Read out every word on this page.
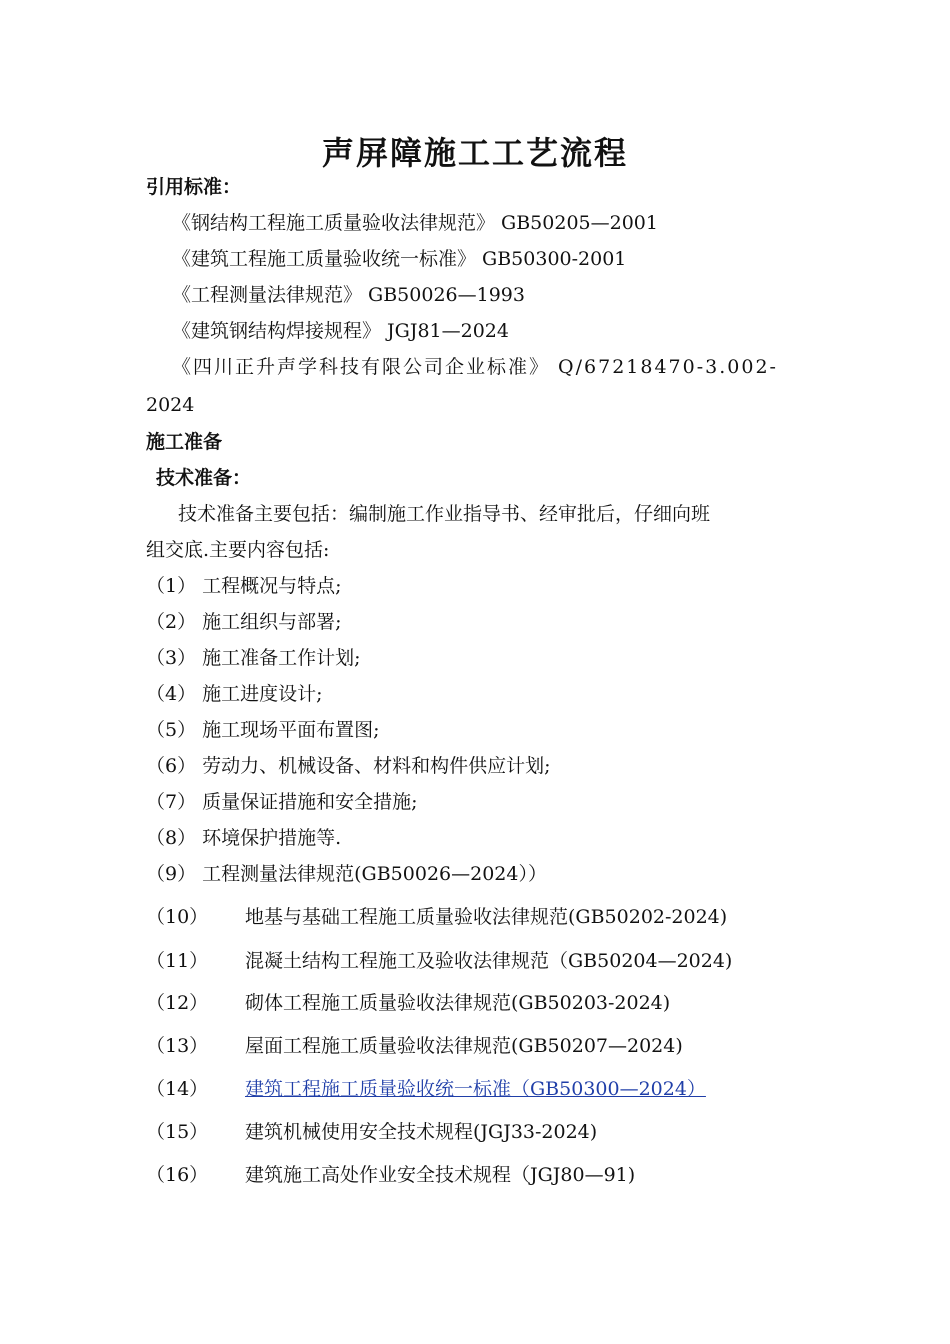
声屏障施工工艺流程
引用标准：
《钢结构工程施工质量验收法律规范》 GB50205—2001
《建筑工程施工质量验收统一标准》 GB50300-2001
《工程测量法律规范》 GB50026—1993
《建筑钢结构焊接规程》 JGJ81—2024
《四川正升声学科技有限公司企业标准》 Q/67218470-3.002-
2024
施工准备
技术准备：
技术准备主要包括：编制施工作业指导书、经审批后，仔细向班
组交底.主要内容包括:
（1） 工程概况与特点;
（2） 施工组织与部署;
（3） 施工准备工作计划;
（4） 施工进度设计;
（5） 施工现场平面布置图;
（6） 劳动力、机械设备、材料和构件供应计划;
（7） 质量保证措施和安全措施;
（8） 环境保护措施等.
（9） 工程测量法律规范(GB50026—2024））
（10） 地基与基础工程施工质量验收法律规范(GB50202-2024)
（11） 混凝土结构工程施工及验收法律规范（GB50204—2024)
（12） 砌体工程施工质量验收法律规范(GB50203-2024)
（13） 屋面工程施工质量验收法律规范(GB50207—2024)
（14） 建筑工程施工质量验收统一标准（GB50300—2024）
（15） 建筑机械使用安全技术规程(JGJ33-2024)
（16） 建筑施工高处作业安全技术规程（JGJ80—91)
